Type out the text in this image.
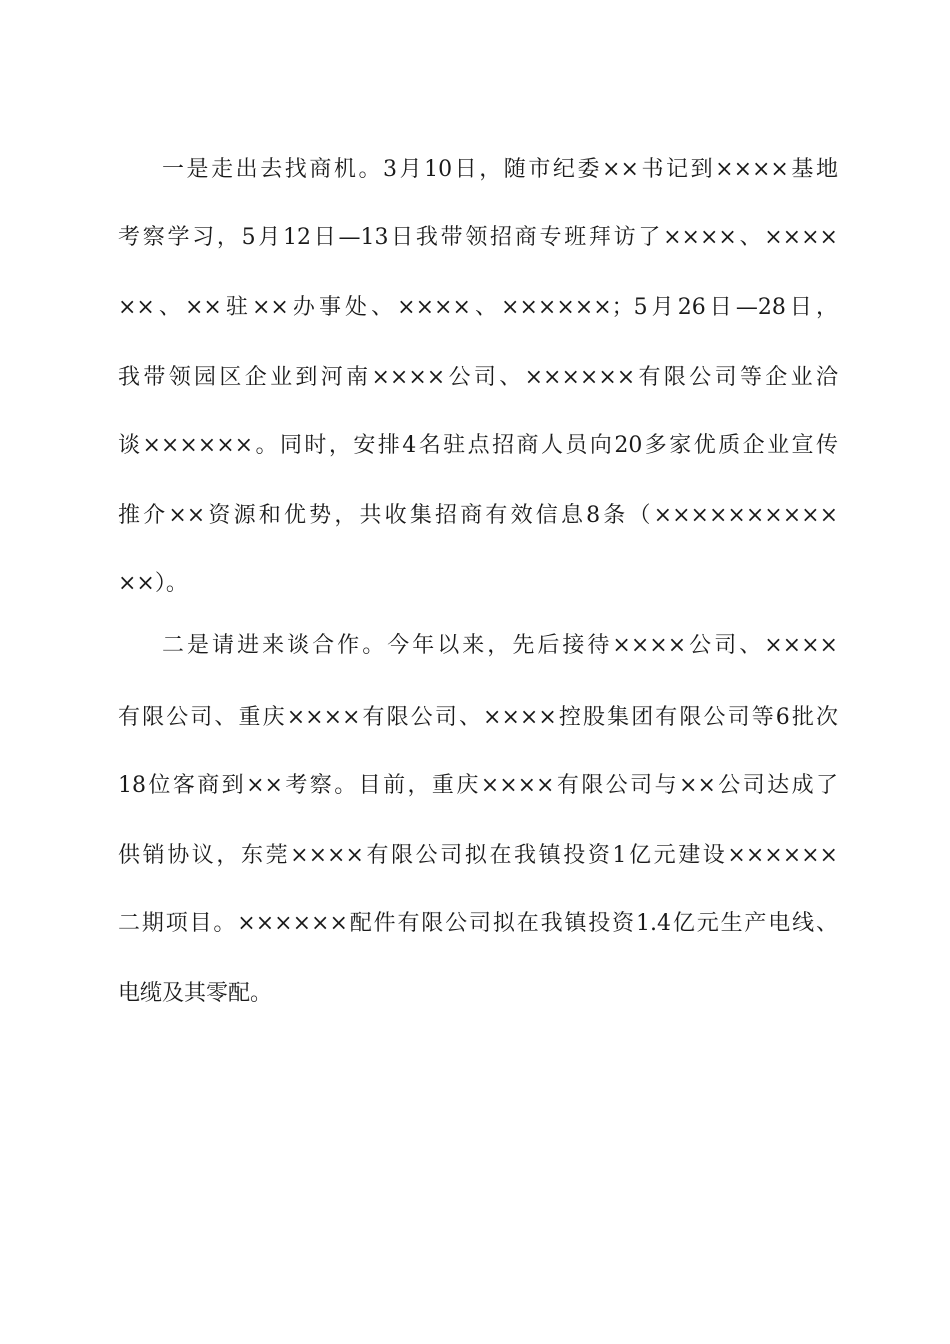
一是走出去找商机。3月10日，随市纪委××书记到××××基地
考察学习，5月12日—13日我带领招商专班拜访了××××、××××
××、××驻××办事处、××××、××××××；5月26日—28日，
我带领园区企业到河南××××公司、××××××有限公司等企业洽
谈××××××。同时，安排4名驻点招商人员向20多家优质企业宣传
推介××资源和优势，共收集招商有效信息8条（××××××××××
××）。
二是请进来谈合作。今年以来，先后接待××××公司、××××
有限公司、重庆××××有限公司、××××控股集团有限公司等6批次
18位客商到××考察。目前，重庆××××有限公司与××公司达成了
供销协议，东莞××××有限公司拟在我镇投资1亿元建设××××××
二期项目。××××××配件有限公司拟在我镇投资1.4亿元生产电线、
电缆及其零配。
